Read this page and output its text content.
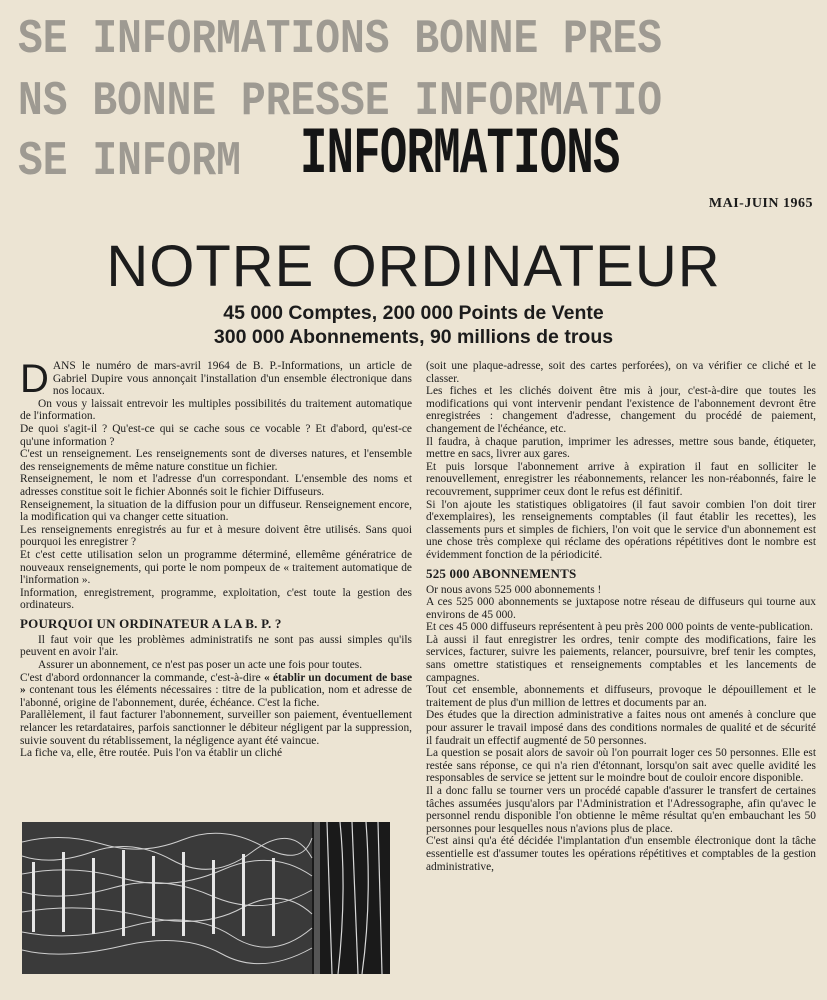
SE INFORMATIONS BONNE PRES
NS BONNE PRESSE INFORMATIO
SE INFORM INFORMATIONS
MAI-JUIN 1965
NOTRE ORDINATEUR
45 000 Comptes, 200 000 Points de Vente
300 000 Abonnements, 90 millions de trous

DANS le numéro de mars-avril 1964 de B. P.-Informations, un article de Gabriel Dupire vous annonçait l'installation d'un ensemble électronique dans nos locaux.

On vous y laissait entrevoir les multiples possibilités du traitement automatique de l'information.

De quoi s'agit-il ? Qu'est-ce qui se cache sous ce vocable ? Et d'abord, qu'est-ce qu'une information ?

C'est un renseignement. Les renseignements sont de diverses natures, et l'ensemble des renseignements de même nature constitue un fichier.

Renseignement, le nom et l'adresse d'un correspondant. L'ensemble des noms et adresses constitue soit le fichier Abonnés soit le fichier Diffuseurs.

Renseignement, la situation de la diffusion pour un diffuseur. Renseignement encore, la modification qui va changer cette situation.

Les renseignements enregistrés au fur et à mesure doivent être utilisés. Sans quoi pourquoi les enregistrer ?

Et c'est cette utilisation selon un programme déterminé, ellemême génératrice de nouveaux renseignements, qui porte le nom pompeux de « traitement automatique de l'information ».

Information, enregistrement, programme, exploitation, c'est toute la gestion des ordinateurs.

POURQUOI UN ORDINATEUR A LA B. P. ?

Il faut voir que les problèmes administratifs ne sont pas aussi simples qu'ils peuvent en avoir l'air.

Assurer un abonnement, ce n'est pas poser un acte une fois pour toutes.

C'est d'abord ordonnancer la commande, c'est-à-dire « établir un document de base » contenant tous les éléments nécessaires : titre de la publication, nom et adresse de l'abonné, origine de l'abonnement, durée, échéance. C'est la fiche.

Parallèlement, il faut facturer l'abonnement, surveiller son paiement, éventuellement relancer les retardataires, parfois sanctionner le débiteur négligent par la suppression, suivie souvent du rétablissement, la négligence ayant été vaincue.

La fiche va, elle, être routée. Puis l'on va établir un cliché

(soit une plaque-adresse, soit des cartes perforées), on va vérifier ce cliché et le classer.

Les fiches et les clichés doivent être mis à jour, c'est-à-dire que toutes les modifications qui vont intervenir pendant l'existence de l'abonnement devront être enregistrées : changement d'adresse, changement du procédé de paiement, changement de l'échéance, etc.

Il faudra, à chaque parution, imprimer les adresses, mettre sous bande, étiqueter, mettre en sacs, livrer aux gares.

Et puis lorsque l'abonnement arrive à expiration il faut en solliciter le renouvellement, enregistrer les réabonnements, relancer les non-réabonnés, faire le recouvrement, supprimer ceux dont le refus est définitif.

Si l'on ajoute les statistiques obligatoires (il faut savoir combien l'on doit tirer d'exemplaires), les renseignements comptables (il faut établir les recettes), les classements purs et simples de fichiers, l'on voit que le service d'un abonnement est une chose très complexe qui réclame des opérations répétitives dont le nombre est évidemment fonction de la périodicité.

525 000 ABONNEMENTS

Or nous avons 525 000 abonnements !

A ces 525 000 abonnements se juxtapose notre réseau de diffuseurs qui tourne aux environs de 45 000.

Et ces 45 000 diffuseurs représentent à peu près 200 000 points de vente-publication.

Là aussi il faut enregistrer les ordres, tenir compte des modifications, faire les services, facturer, suivre les paiements, relancer, poursuivre, bref tenir les comptes, sans omettre statistiques et renseignements comptables et les lancements de campagnes.

Tout cet ensemble, abonnements et diffuseurs, provoque le dépouillement et le traitement de plus d'un million de lettres et documents par an.

Des études que la direction administrative a faites nous ont amenés à conclure que pour assurer le travail imposé dans des conditions normales de qualité et de sécurité il faudrait un effectif augmenté de 50 personnes.

La question se posait alors de savoir où l'on pourrait loger ces 50 personnes. Elle est restée sans réponse, ce qui n'a rien d'étonnant, lorsqu'on sait avec quelle avidité les responsables de service se jettent sur le moindre bout de couloir encore disponible.

Il a donc fallu se tourner vers un procédé capable d'assurer le transfert de certaines tâches assumées jusqu'alors par l'Administration et l'Adressographe, afin qu'avec le personnel rendu disponible l'on obtienne le même résultat qu'en embauchant les 50 personnes pour lesquelles nous n'avions plus de place.

C'est ainsi qu'a été décidée l'implantation d'un ensemble électronique dont la tâche essentielle est d'assumer toutes les opérations répétitives et comptables de la gestion administrative,
